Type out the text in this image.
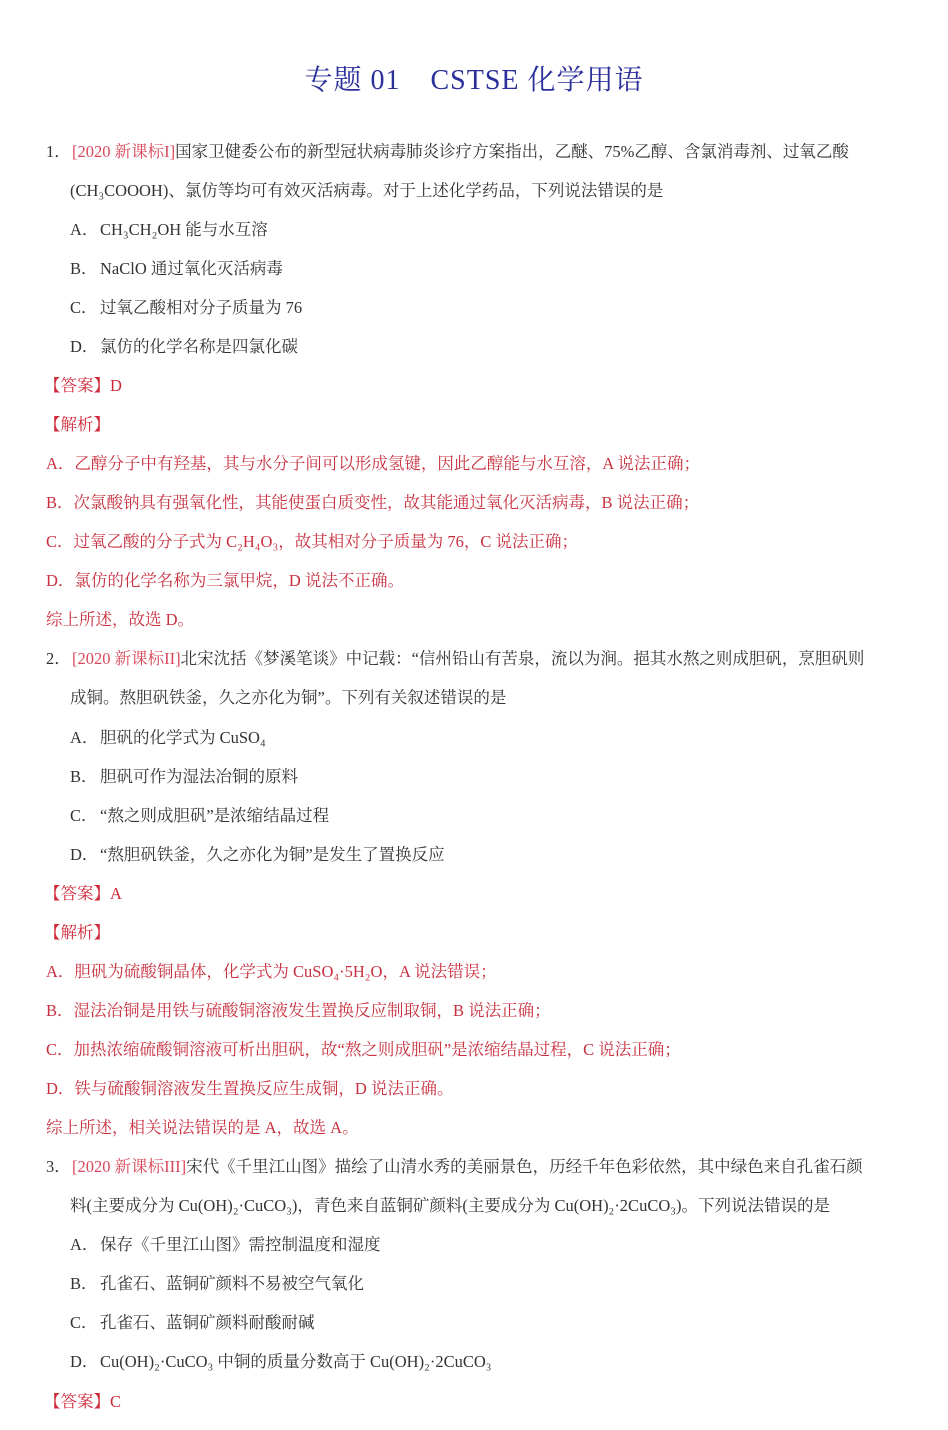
专题 01 CSTSE 化学用语
1．[2020 新课标I]国家卫健委公布的新型冠状病毒肺炎诊疗方案指出，乙醚、75%乙醇、含氯消毒剂、过氧乙酸
(CH₃COOOH)、氯仿等均可有效灭活病毒。对于上述化学药品，下列说法错误的是
A．CH₃CH₂OH 能与水互溶
B． NaClO 通过氧化灭活病毒
C． 过氧乙酸相对分子质量为 76
D．氯仿的化学名称是四氯化碳
【答案】D
【解析】
A．乙醇分子中有羟基，其与水分子间可以形成氢键，因此乙醇能与水互溶，A 说法正确；
B．次氯酸钠具有强氧化性，其能使蛋白质变性，故其能通过氧化灭活病毒，B 说法正确；
C．过氧乙酸的分子式为 C₂H₄O₃，故其相对分子质量为 76，C 说法正确；
D．氯仿的化学名称为三氯甲烷，D 说法不正确。
综上所述，故选 D。
2．[2020 新课标II]北宋沈括《梦溪笔谈》中记载：“信州铅山有苦泉，流以为涧。挹其水熬之则成胆矾，烹胆矾则
成铜。熬胆矾铁釜，久之亦化为铜”。下列有关叙述错误的是
A．胆矾的化学式为 CuSO₄
B． 胆矾可作为湿法冶铜的原料
C． “熬之则成胆矾”是浓缩结晶过程
D．“熬胆矾铁釜，久之亦化为铜”是发生了置换反应
【答案】A
【解析】
A．胆矾为硫酸铜晶体，化学式为 CuSO₄·5H₂O，A 说法错误；
B．湿法冶铜是用铁与硫酸铜溶液发生置换反应制取铜，B 说法正确；
C．加热浓缩硫酸铜溶液可析出胆矾，故“熬之则成胆矾”是浓缩结晶过程，C 说法正确；
D．铁与硫酸铜溶液发生置换反应生成铜，D 说法正确。
综上所述，相关说法错误的是 A，故选 A。
3．[2020 新课标III]宋代《千里江山图》描绘了山清水秀的美丽景色，历经千年色彩依然，其中绿色来自孔雀石颜
料(主要成分为 Cu(OH)₂·CuCO₃)，青色来自蓝铜矿颜料(主要成分为 Cu(OH)₂·2CuCO₃)。下列说法错误的是
A．保存《千里江山图》需控制温度和湿度
B． 孔雀石、蓝铜矿颜料不易被空气氧化
C． 孔雀石、蓝铜矿颜料耐酸耐碱
D．Cu(OH)₂·CuCO₃ 中铜的质量分数高于 Cu(OH)₂·2CuCO₃
【答案】C
